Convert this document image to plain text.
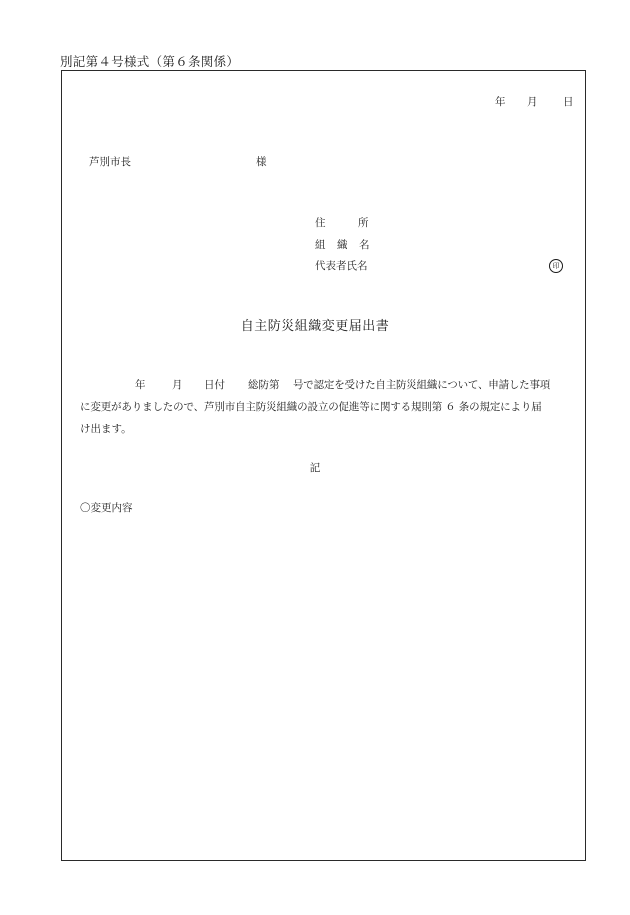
別記第４号様式（第６条関係）
年 月 日
芦別市長	様
住	所
組 織 名
代表者氏名	印
自主防災組織変更届出書
年	月 日付 総防第 号で認定を受けた自主防災組織について、申請した事項
に変更がありましたので、芦別市自主防災組織の設立の促進等に関する規則第 ６ 条の規定により届
け出ます。
記
〇変更内容
